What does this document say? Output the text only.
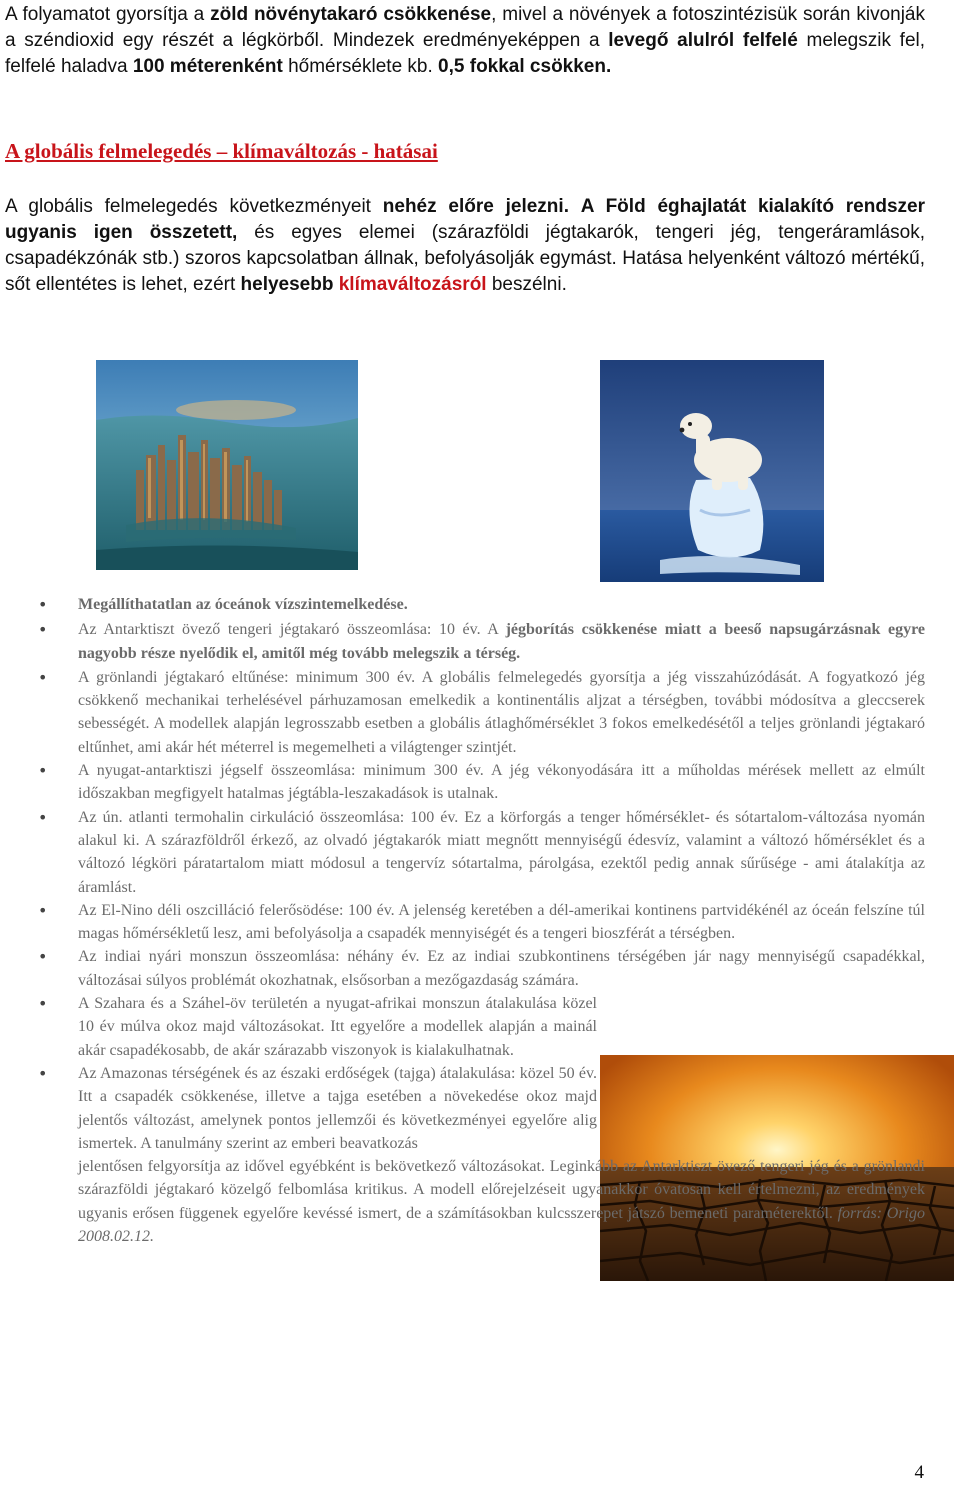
A folyamatot gyorsítja a zöld növénytakaró csökkenése, mivel a növények a fotoszintézisük során kivonják a széndioxid egy részét a légkörből. Mindezek eredményeképpen a levegő alulról felfelé melegszik fel, felfelé haladva 100 méterenként hőmérséklete kb. 0,5 fokkal csökken.

A globális felmelegedés – klímaváltozás - hatásai

A globális felmelegedés következményeit nehéz előre jelezni. A Föld éghajlatát kialakító rendszer ugyanis igen összetett, és egyes elemei (szárazföldi jégtakarók, tengeri jég, tengeráramlások, csapadékzónák stb.) szoros kapcsolatban állnak, befolyásolják egymást. Hatása helyenként változó mértékű, sőt ellentétes is lehet, ezért helyesebb klímaváltozásról beszélni.

• Megállíthatatlan az óceánok vízszintemelkedése.
• Az Antarktiszt övező tengeri jégtakaró összeomlása: 10 év. A jégborítás csökkenése miatt a beeső napsugárzásnak egyre nagyobb része nyelődik el, amitől még tovább melegszik a térség.
• A grönlandi jégtakaró eltűnése: minimum 300 év. A globális felmelegedés gyorsítja a jég visszahúzódását. A fogyatkozó jég csökkenő mechanikai terhelésével párhuzamosan emelkedik a kontinentális aljzat a térségben, további módosítva a gleccserek sebességét. A modellek alapján legrosszabb esetben a globális átlaghőmérséklet 3 fokos emelkedésétől a teljes grönlandi jégtakaró eltűnhet, ami akár hét méterrel is megemelheti a világtenger szintjét.
• A nyugat-antarktiszi jégself összeomlása: minimum 300 év. A jég vékonyodására itt a műholdas mérések mellett az elmúlt időszakban megfigyelt hatalmas jégtábla-leszakadások is utalnak.
• Az ún. atlanti termohalin cirkuláció összeomlása: 100 év. Ez a körforgás a tenger hőmérséklet- és sótartalom-változása nyomán alakul ki. A szárazföldről érkező, az olvadó jégtakarók miatt megnőtt mennyiségű édesvíz, valamint a változó hőmérséklet és a változó légköri páratartalom miatt módosul a tengervíz sótartalma, párolgása, ezektől pedig annak sűrűsége - ami átalakítja az áramlást.
• Az El-Nino déli oszcilláció felerősödése: 100 év. A jelenség keretében a dél-amerikai kontinens partvidékénél az óceán felszíne túl magas hőmérsékletű lesz, ami befolyásolja a csapadék mennyiségét és a tengeri bioszférát a térségben.
• Az indiai nyári monszun összeomlása: néhány év. Ez az indiai szubkontinens térségében jár nagy mennyiségű csapadékkal, változásai súlyos problémát okozhatnak, elsősorban a mezőgazdaság számára.
• A Szahara és a Száhel-öv területén a nyugat-afrikai monszun átalakulása közel 10 év múlva okoz majd változásokat. Itt egyelőre a modellek alapján a mainál akár csapadékosabb, de akár szárazabb viszonyok is kialakulhatnak.
• Az Amazonas térségének és az északi erdőségek (tajga) átalakulása: közel 50 év. Itt a csapadék csökkenése, illetve a tajga esetében a növekedése okoz majd jelentős változást, amelynek pontos jellemzői és következményei egyelőre alig ismertek. A tanulmány szerint az emberi beavatkozás
jelentősen felgyorsítja az idővel egyébként is bekövetkező változásokat. Leginkább az Antarktiszt övező tengeri jég és a grönlandi szárazföldi jégtakaró közelgő felbomlása kritikus. A modell előrejelzéseit ugyanakkor óvatosan kell értelmezni, az eredmények ugyanis erősen függenek egyelőre kevéssé ismert, de a számításokban kulcsszerepet játszó bemeneti paraméterektől. forrás: Origo 2008.02.12.
4
